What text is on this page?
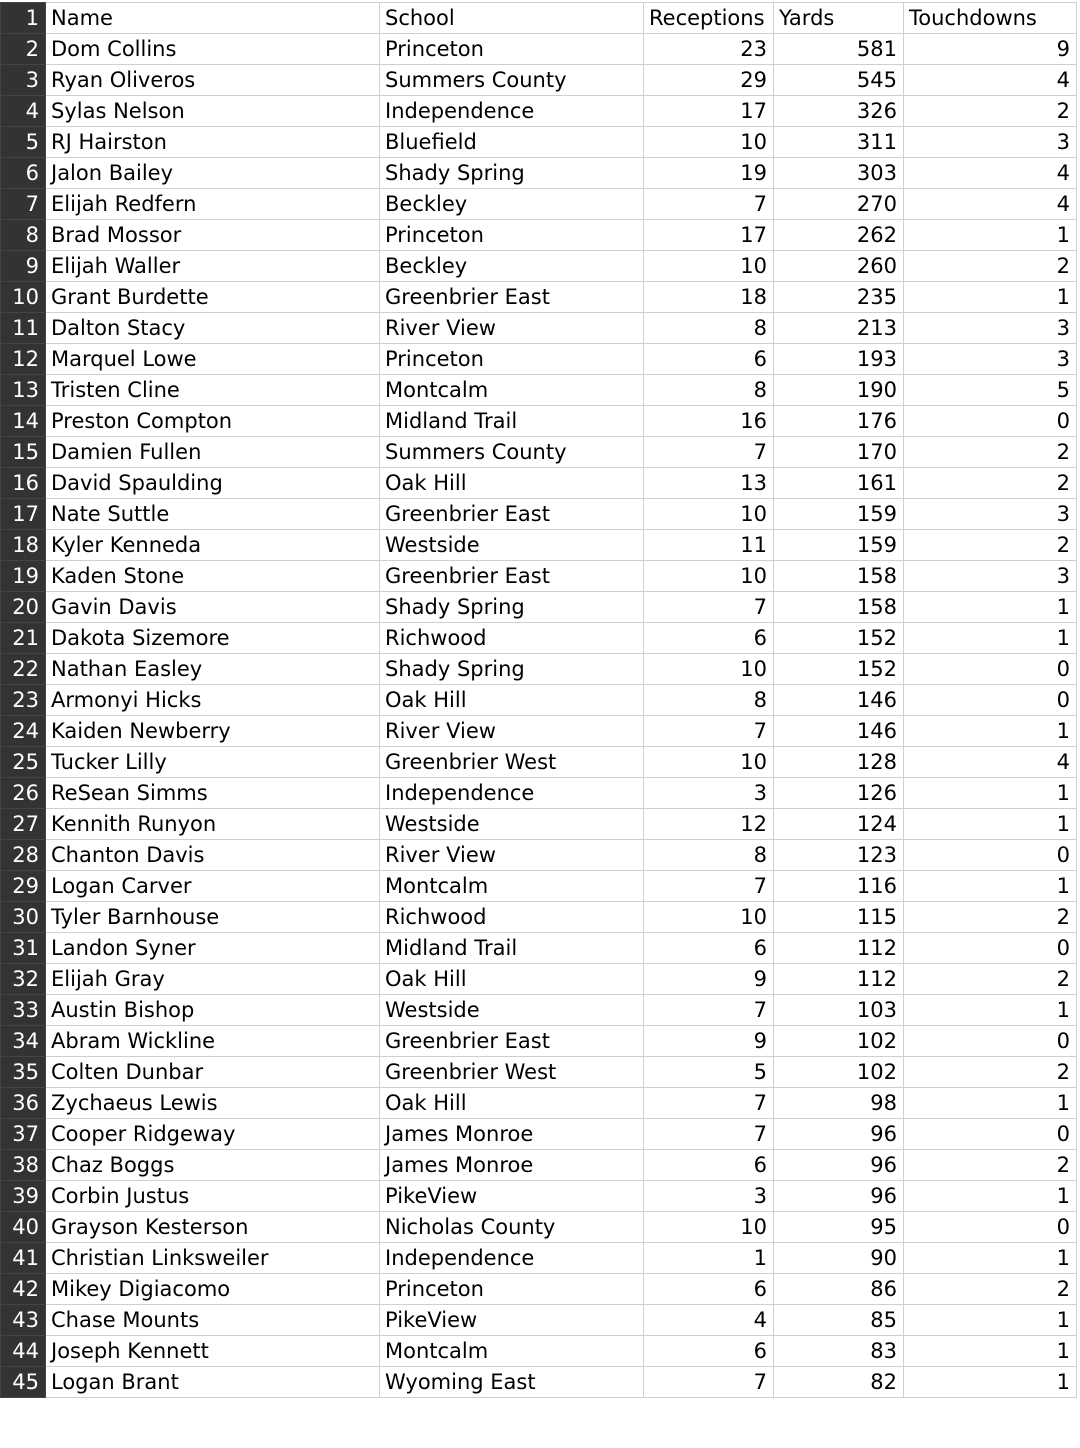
1	Name	School	Receptions	Yards	Touchdowns
2	Dom Collins	Princeton	23	581	9
3	Ryan Oliveros	Summers County	29	545	4
4	Sylas Nelson	Independence	17	326	2
5	RJ Hairston	Bluefield	10	311	3
6	Jalon Bailey	Shady Spring	19	303	4
7	Elijah Redfern	Beckley	7	270	4
8	Brad Mossor	Princeton	17	262	1
9	Elijah Waller	Beckley	10	260	2
10	Grant Burdette	Greenbrier East	18	235	1
11	Dalton Stacy	River View	8	213	3
12	Marquel Lowe	Princeton	6	193	3
13	Tristen Cline	Montcalm	8	190	5
14	Preston Compton	Midland Trail	16	176	0
15	Damien Fullen	Summers County	7	170	2
16	David Spaulding	Oak Hill	13	161	2
17	Nate Suttle	Greenbrier East	10	159	3
18	Kyler Kenneda	Westside	11	159	2
19	Kaden Stone	Greenbrier East	10	158	3
20	Gavin Davis	Shady Spring	7	158	1
21	Dakota Sizemore	Richwood	6	152	1
22	Nathan Easley	Shady Spring	10	152	0
23	Armonyi Hicks	Oak Hill	8	146	0
24	Kaiden Newberry	River View	7	146	1
25	Tucker Lilly	Greenbrier West	10	128	4
26	ReSean Simms	Independence	3	126	1
27	Kennith Runyon	Westside	12	124	1
28	Chanton Davis	River View	8	123	0
29	Logan Carver	Montcalm	7	116	1
30	Tyler Barnhouse	Richwood	10	115	2
31	Landon Syner	Midland Trail	6	112	0
32	Elijah Gray	Oak Hill	9	112	2
33	Austin Bishop	Westside	7	103	1
34	Abram Wickline	Greenbrier East	9	102	0
35	Colten Dunbar	Greenbrier West	5	102	2
36	Zychaeus Lewis	Oak Hill	7	98	1
37	Cooper Ridgeway	James Monroe	7	96	0
38	Chaz Boggs	James Monroe	6	96	2
39	Corbin Justus	PikeView	3	96	1
40	Grayson Kesterson	Nicholas County	10	95	0
41	Christian Linksweiler	Independence	1	90	1
42	Mikey Digiacomo	Princeton	6	86	2
43	Chase Mounts	PikeView	4	85	1
44	Joseph Kennett	Montcalm	6	83	1
45	Logan Brant	Wyoming East	7	82	1
